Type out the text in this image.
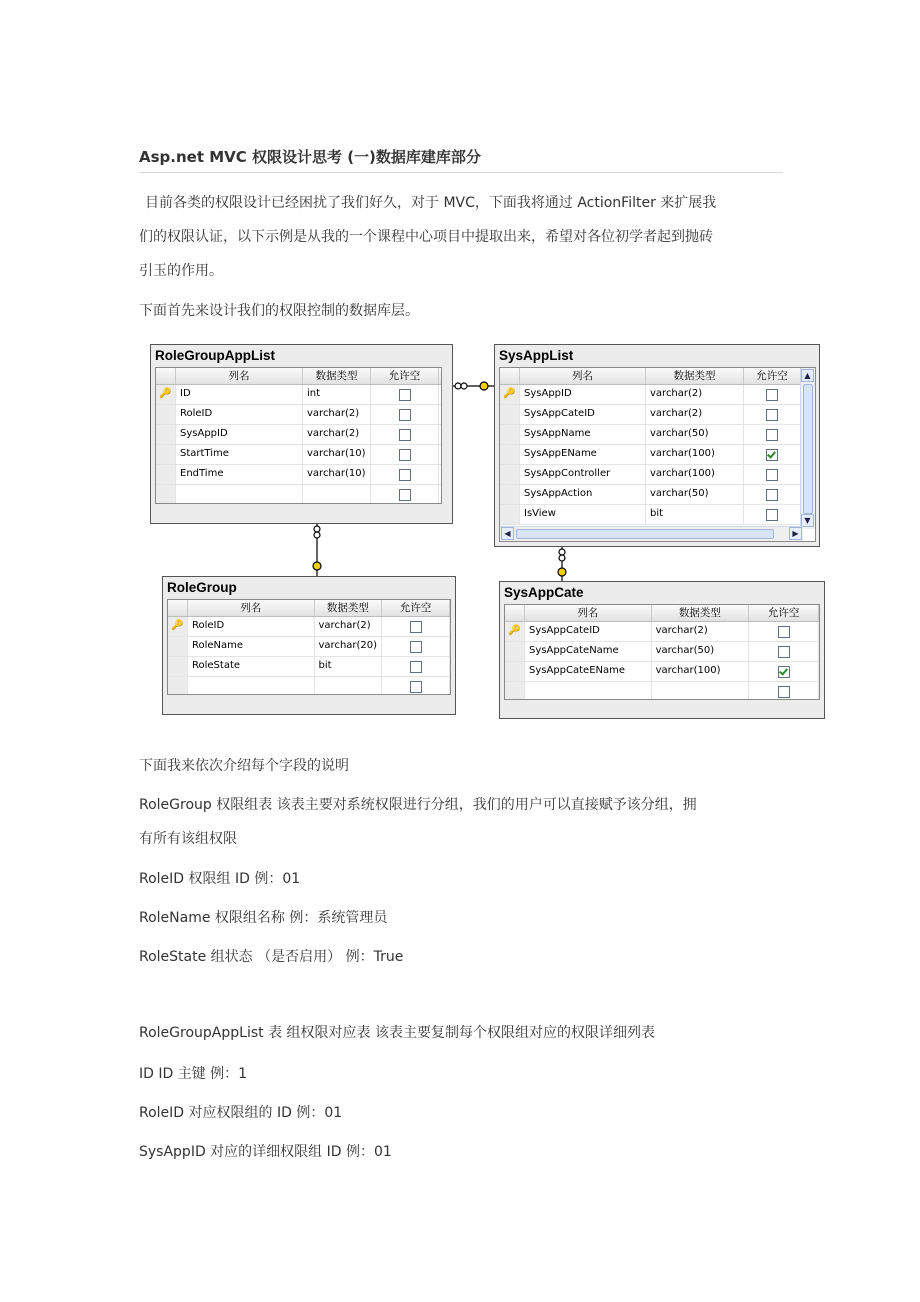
Asp.net MVC 权限设计思考 (一)数据库建库部分
目前各类的权限设计已经困扰了我们好久，对于 MVC，下面我将通过 ActionFilter 来扩展我
们的权限认证，以下示例是从我的一个课程中心项目中提取出来，希望对各位初学者起到抛砖
引玉的作用。
下面首先来设计我们的权限控制的数据库层。
RoleGroupAppList
列名	数据类型	允许空
🔑 ID	int
RoleID	varchar(2)
SysAppID	varchar(2)
StartTime	varchar(10)
EndTime	varchar(10)
SysAppList
列名	数据类型	允许空
🔑 SysAppID	varchar(2)
SysAppCateID	varchar(2)
SysAppName	varchar(50)
SysAppEName	varchar(100)
SysAppController	varchar(100)
SysAppAction	varchar(50)
IsView	bit
▲
▼
◀	▶
RoleGroup
列名	数据类型	允许空
🔑 RoleID	varchar(2)
RoleName	varchar(20)
RoleState	bit
SysAppCate
列名	数据类型	允许空
🔑 SysAppCateID	varchar(2)
SysAppCateName	varchar(50)
SysAppCateEName	varchar(100)
下面我来依次介绍每个字段的说明
RoleGroup 权限组表 该表主要对系统权限进行分组，我们的用户可以直接赋予该分组，拥
有所有该组权限
RoleID 权限组 ID 例：01
RoleName 权限组名称 例：系统管理员
RoleState 组状态 （是否启用） 例：True
RoleGroupAppList 表 组权限对应表 该表主要复制每个权限组对应的权限详细列表
ID ID 主键 例：1
RoleID 对应权限组的 ID 例：01
SysAppID 对应的详细权限组 ID 例：01
